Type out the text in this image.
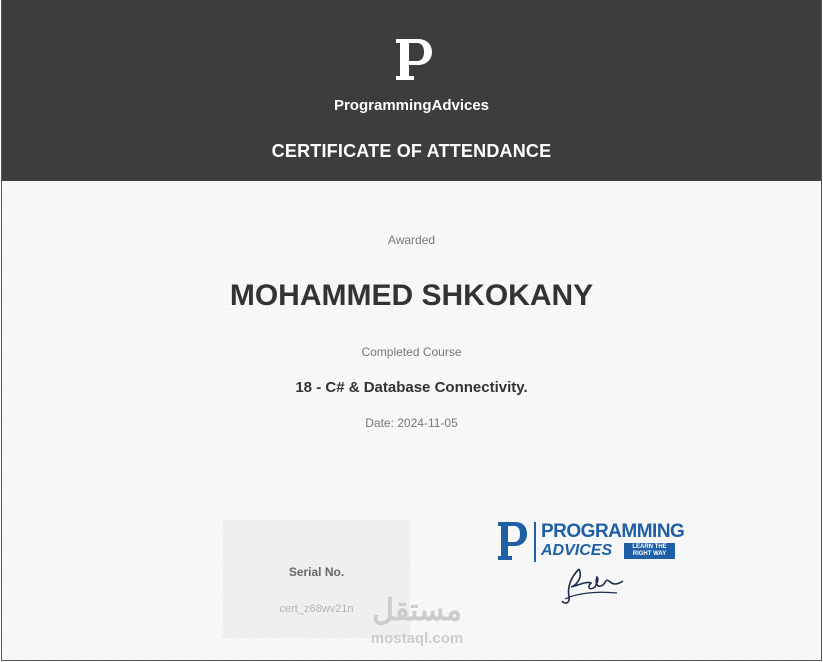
ProgrammingAdvices
CERTIFICATE OF ATTENDANCE
Awarded
MOHAMMED SHKOKANY
Completed Course
18 - C# & Database Connectivity.
Date: 2024-11-05
Serial No.
cert_z68wv21n
PROGRAMMING
ADVICES	LEARN THE
RIGHT WAY
مستقل
mostaql.com
